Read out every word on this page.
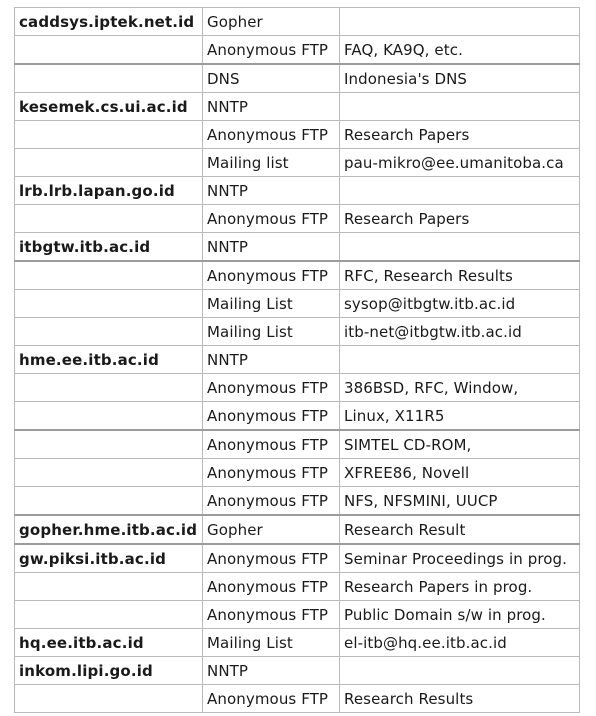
caddsys.iptek.net.id	Gopher	
	Anonymous FTP	FAQ, KA9Q, etc.
	DNS	Indonesia's DNS
kesemek.cs.ui.ac.id	NNTP	
	Anonymous FTP	Research Papers
	Mailing list	pau-mikro@ee.umanitoba.ca
lrb.lrb.lapan.go.id	NNTP	
	Anonymous FTP	Research Papers
itbgtw.itb.ac.id	NNTP	
	Anonymous FTP	RFC, Research Results
	Mailing List	sysop@itbgtw.itb.ac.id
	Mailing List	itb-net@itbgtw.itb.ac.id
hme.ee.itb.ac.id	NNTP	
	Anonymous FTP	386BSD, RFC, Window,
	Anonymous FTP	Linux, X11R5
	Anonymous FTP	SIMTEL CD-ROM,
	Anonymous FTP	XFREE86, Novell
	Anonymous FTP	NFS, NFSMINI, UUCP
gopher.hme.itb.ac.id	Gopher	Research Result
gw.piksi.itb.ac.id	Anonymous FTP	Seminar Proceedings in prog.
	Anonymous FTP	Research Papers in prog.
	Anonymous FTP	Public Domain s/w in prog.
hq.ee.itb.ac.id	Mailing List	el-itb@hq.ee.itb.ac.id
inkom.lipi.go.id	NNTP	
	Anonymous FTP	Research Results
